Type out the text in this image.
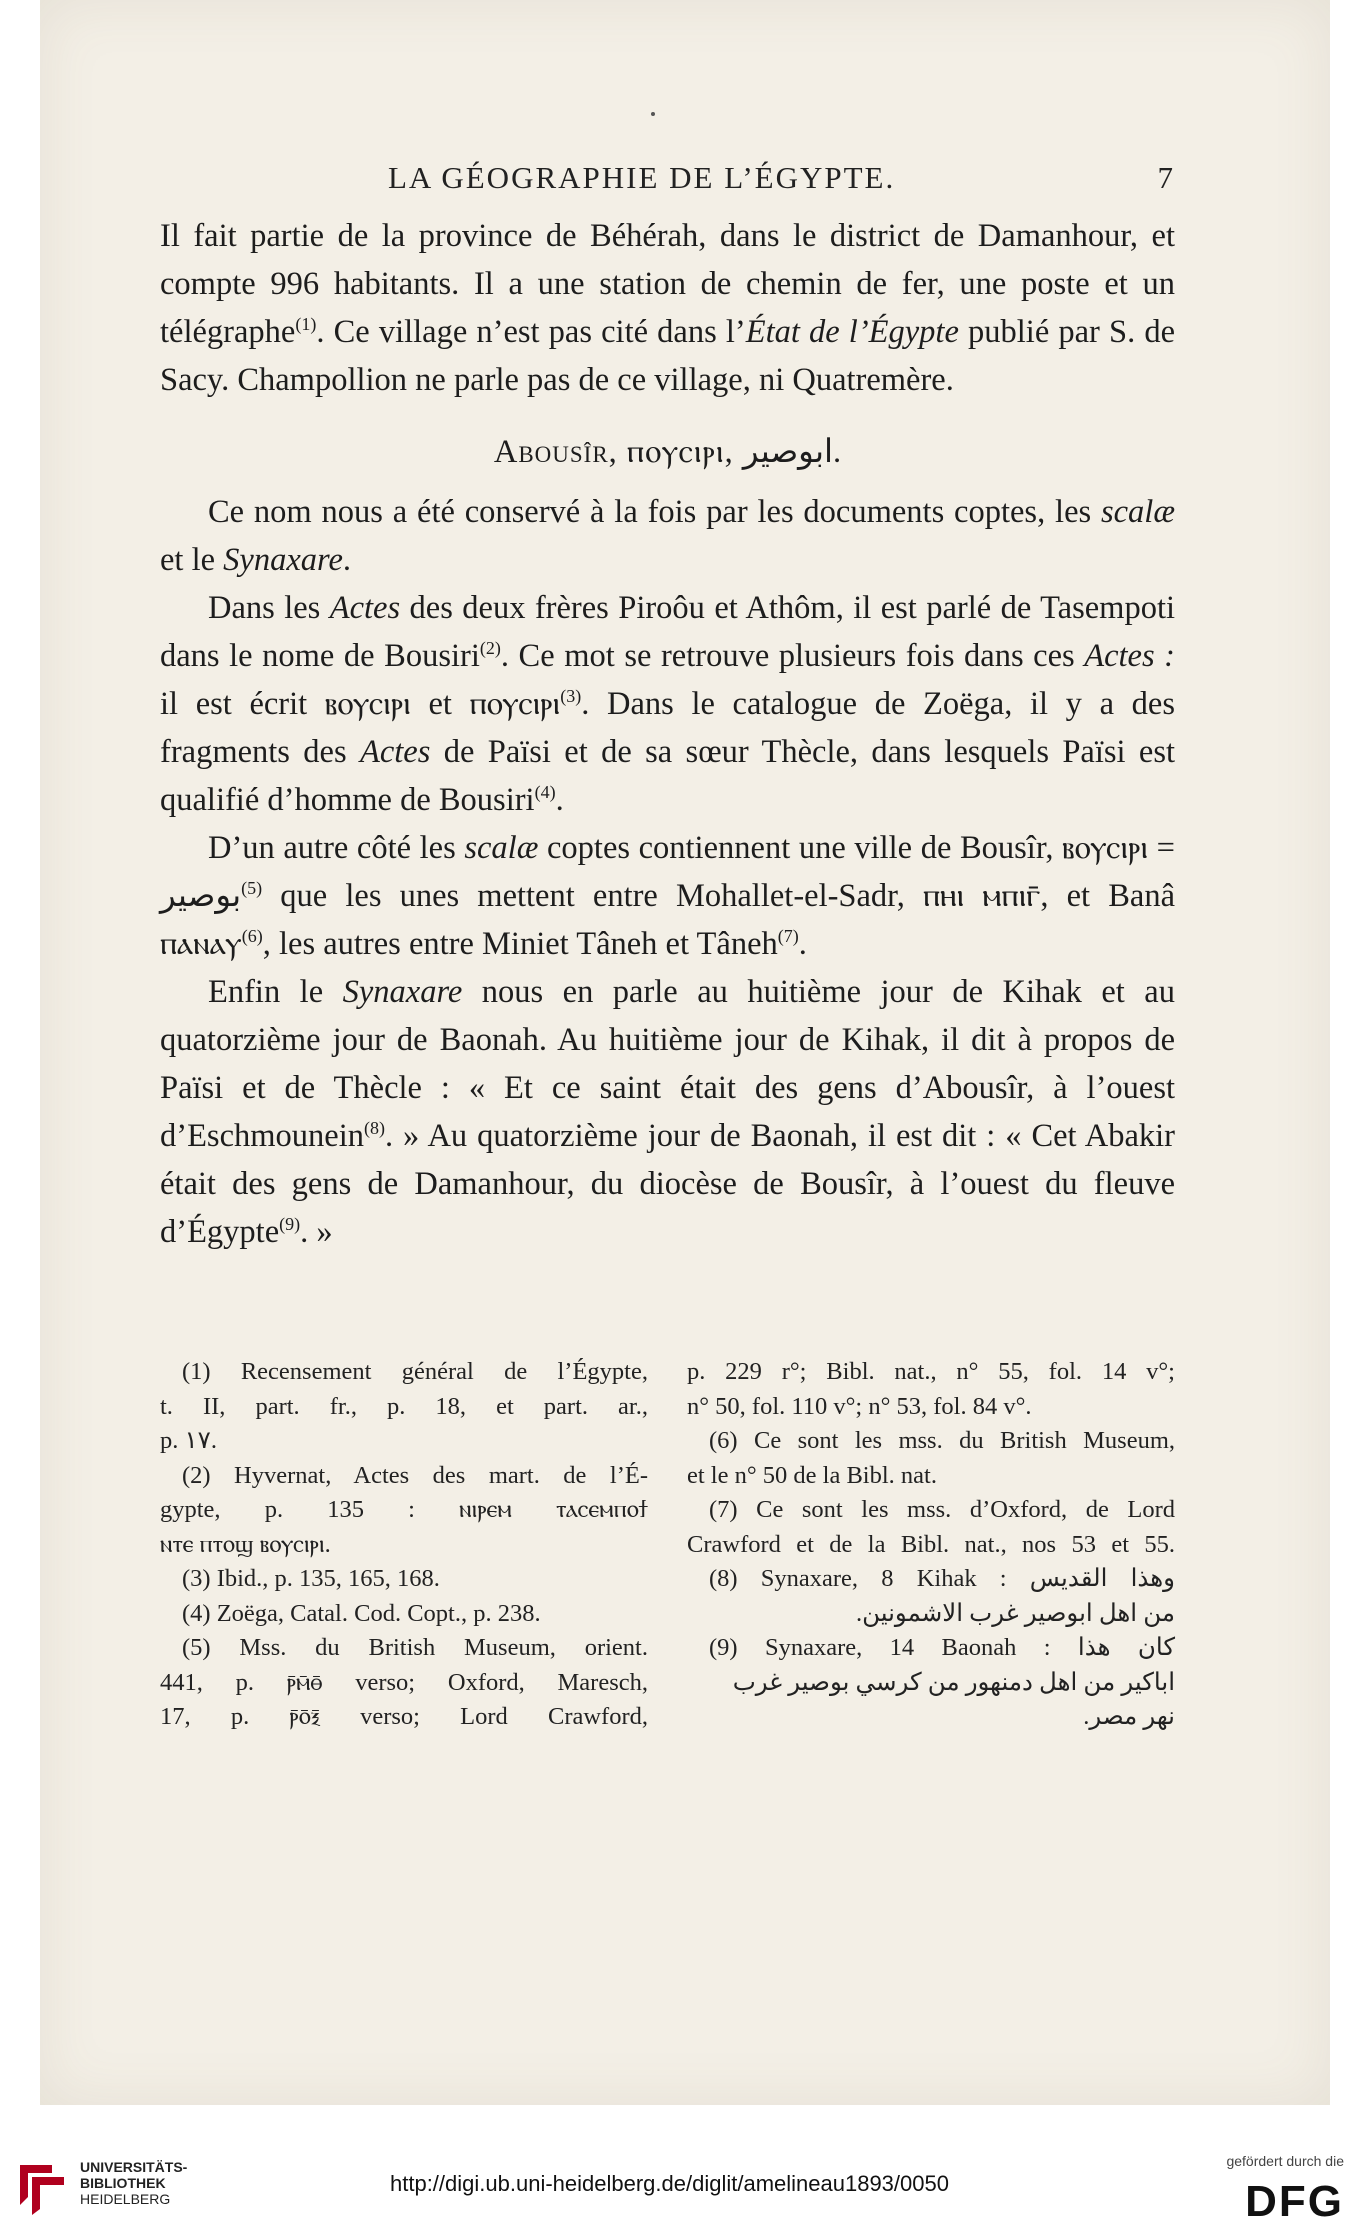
LA GÉOGRAPHIE DE L’ÉGYPTE.	7

Il fait partie de la province de Béhérah, dans le district de Damanhour, et compte 996 habitants. Il a une station de chemin de fer, une poste et un télégraphe$^{(1)}$. Ce village n’est pas cité dans l’État de l’Égypte publié par S. de Sacy. Champollion ne parle pas de ce village, ni Quatremère.

Abousîr, ⲡⲟⲩⲥⲓⲣⲓ, ابوصير.

Ce nom nous a été conservé à la fois par les documents coptes, les scalæ et le Synaxare.

Dans les Actes des deux frères Piroôu et Athôm, il est parlé de Tasempoti dans le nome de Bousiri$^{(2)}$. Ce mot se retrouve plusieurs fois dans ces Actes : il est écrit ⲃⲟⲩⲥⲓⲣⲓ et ⲡⲟⲩⲥⲓⲣⲓ$^{(3)}$. Dans le catalogue de Zoëga, il y a des fragments des Actes de Païsi et de sa sœur Thècle, dans lesquels Païsi est qualifié d’homme de Bousiri$^{(4)}$.

D’un autre côté les scalæ coptes contiennent une ville de Bousîr, ⲃⲟⲩⲥⲓⲣⲓ = بوصير$^{(5)}$ que les unes mettent entre Mohallet-el-Sadr, ⲡⲏⲓ ⲙⲡⲓⲅ̄, et Banâ ⲡⲁⲛⲁⲩ$^{(6)}$, les autres entre Miniet Tâneh et Tâneh$^{(7)}$.

Enfin le Synaxare nous en parle au huitième jour de Kihak et au quatorzième jour de Baonah. Au huitième jour de Kihak, il dit à propos de Païsi et de Thècle : « Et ce saint était des gens d’Abousîr, à l’ouest d’Eschmounein$^{(8)}$. » Au quatorzième jour de Baonah, il est dit : « Cet Abakir était des gens de Damanhour, du diocèse de Bousîr, à l’ouest du fleuve d’Égypte$^{(9)}$. »

(1) Recensement général de l’Égypte,
t. II, part. fr., p. 18, et part. ar.,
p. ١٧.
(2) Hyvernat, Actes des mart. de l’É-
gypte, p. 135 : ⲛⲓⲣⲉⲙ ⲧⲁⲥⲉⲙⲡⲟϯ
ⲛⲧⲉ ⲡⲧⲟϣ ⲃⲟⲩⲥⲓⲣⲓ.
(3) Ibid., p. 135, 165, 168.
(4) Zoëga, Catal. Cod. Copt., p. 238.
(5) Mss. du British Museum, orient.
441, p. ⲣ̄ⲙ̄ⲑ̄ verso; Oxford, Maresch,
17, p. ⲣ̄ⲟ̄ⲝ̄ verso; Lord Crawford,
p. 229 r°; Bibl. nat., n° 55, fol. 14 v°;
n° 50, fol. 110 v°; n° 53, fol. 84 v°.
(6) Ce sont les mss. du British Museum,
et le n° 50 de la Bibl. nat.
(7) Ce sont les mss. d’Oxford, de Lord
Crawford et de la Bibl. nat., nos 53 et 55.
(8) Synaxare, 8 Kihak : وهذا القديس
من اهل ابوصير غرب الاشمونين.
(9) Synaxare, 14 Baonah : كان هذا
اباكير من اهل دمنهور من كرسي بوصير غرب
نهر مصر.
UNIVERSITÄTS-
BIBLIOTHEK
HEIDELBERG
http://digi.ub.uni-heidelberg.de/diglit/amelineau1893/0050
gefördert durch die
DFG
